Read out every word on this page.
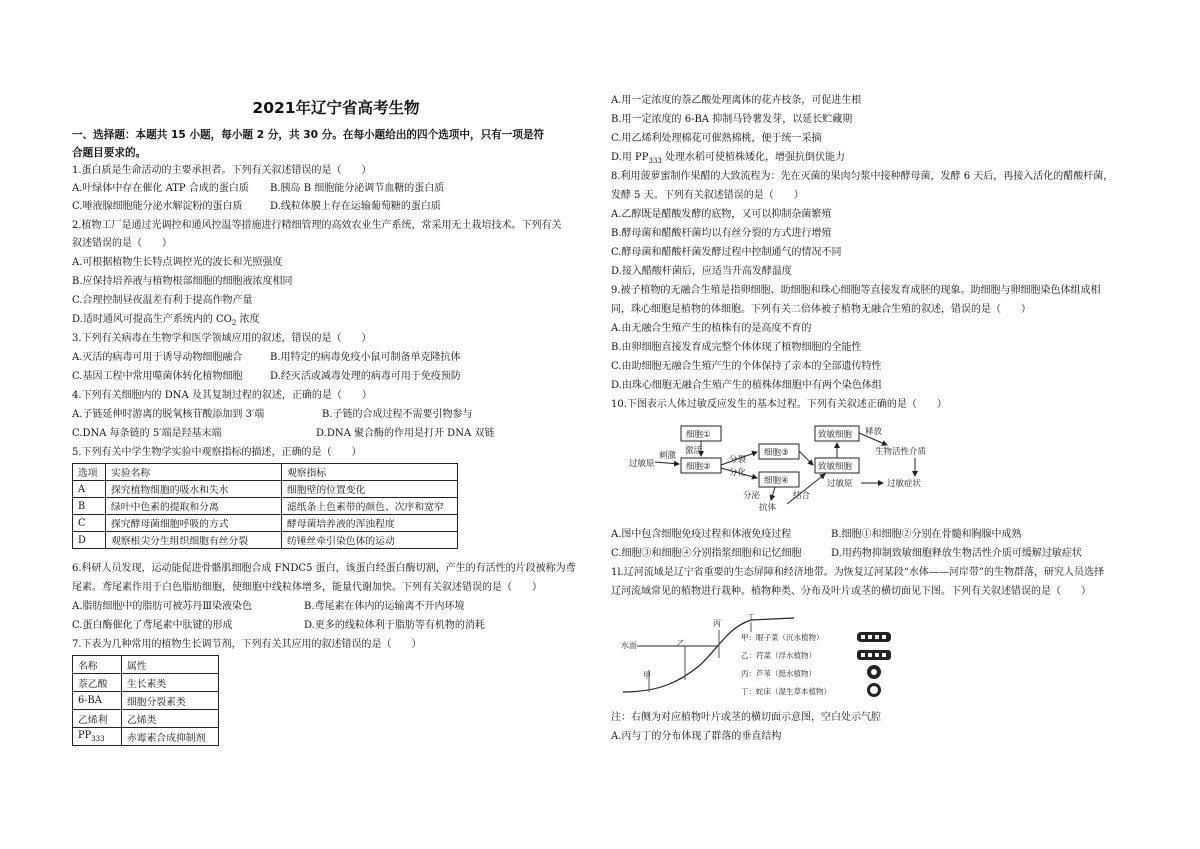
2021年辽宁省高考生物
一、选择题：本题共 15 小题，每小题 2 分，共 30 分。在每小题给出的四个选项中，只有一项是符
合题目要求的。
1.蛋白质是生命活动的主要承担者。下列有关叙述错误的是（　　）
A.叶绿体中存在催化 ATP 合成的蛋白质 B.胰岛 B 细胞能分泌调节血糖的蛋白质
C.唾液腺细胞能分泌水解淀粉的蛋白质	D.线粒体膜上存在运输葡萄糖的蛋白质
2.植物工厂是通过光调控和通风控温等措施进行精细管理的高效农业生产系统，常采用无土栽培技术。下列有关
叙述错误的是（　　）
A.可根据植物生长特点调控光的波长和光照强度
B.应保持培养液与植物根部细胞的细胞液浓度相同
C.合理控制昼夜温差有利于提高作物产量
D.适时通风可提高生产系统内的 $CO_2$ 浓度
3.下列有关病毒在生物学和医学领域应用的叙述，错误的是（　　）
A.灭活的病毒可用于诱导动物细胞融合	B.用特定的病毒免疫小鼠可制备单克隆抗体
C.基因工程中常用噬菌体转化植物细胞	D.经灭活或减毒处理的病毒可用于免疫预防
4.下列有关细胞内的 DNA 及其复制过程的叙述，正确的是（　　）
A.子链延伸时游离的脱氧核苷酸添加到 3′端	B.子链的合成过程不需要引物参与
C.DNA 每条链的 5′端是羟基末端	D.DNA 聚合酶的作用是打开 DNA 双链
5.下列有关中学生物学实验中观察指标的描述，正确的是（　　）
选项	实验名称	观察指标
A	探究植物细胞的吸水和失水	细胞壁的位置变化
B	绿叶中色素的提取和分离	滤纸条上色素带的颜色、次序和宽窄
C	探究酵母菌细胞呼吸的方式	酵母菌培养液的浑浊程度
D	观察根尖分生组织细胞有丝分裂	纺锤丝牵引染色体的运动
6.科研人员发现，运动能促进骨骼肌细胞合成 FNDC5 蛋白，该蛋白经蛋白酶切割，产生的有活性的片段被称为鸢
尾素。鸢尾素作用于白色脂肪细胞，使细胞中线粒体增多，能量代谢加快。下列有关叙述错误的是（　　）
A.脂肪细胞中的脂肪可被苏丹Ⅲ染液染色	B.鸢尾素在体内的运输离不开内环境
C.蛋白酶催化了鸢尾素中肽键的形成	D.更多的线粒体利于脂肪等有机物的消耗
7.下表为几种常用的植物生长调节剂，下列有关其应用的叙述错误的是（　　）
名称	属性
萘乙酸	生长素类
6-BA	细胞分裂素类
乙烯利	乙烯类
$PP_{333}$	赤霉素合成抑制剂
A.用一定浓度的萘乙酸处理离体的花卉枝条，可促进生根
B.用一定浓度的 6-BA 抑制马铃薯发芽，以延长贮藏期
C.用乙烯利处理棉花可催熟棉桃，便于统一采摘
D.用 $PP_{333}$ 处理水稻可使植株矮化，增强抗倒伏能力
8.利用菠萝蜜制作果醋的大致流程为：先在灭菌的果肉匀浆中接种酵母菌，发酵 6 天后，再接入活化的醋酸杆菌，
发酵 5 天。下列有关叙述错误的是（　　）
A.乙醇既是醋酸发酵的底物，又可以抑制杂菌繁殖
B.酵母菌和醋酸杆菌均以有丝分裂的方式进行增殖
C.酵母菌和醋酸杆菌发酵过程中控制通气的情况不同
D.接入醋酸杆菌后，应适当升高发酵温度
9.被子植物的无融合生殖是指卵细胞、助细胞和珠心细胞等直接发育成胚的现象。助细胞与卵细胞染色体组成相
同，珠心细胞是植物的体细胞。下列有关二倍体被子植物无融合生殖的叙述，错误的是（　　）
A.由无融合生殖产生的植株有的是高度不育的
B.由卵细胞直接发育成完整个体体现了植物细胞的全能性
C.由助细胞无融合生殖产生的个体保持了亲本的全部遗传特性
D.由珠心细胞无融合生殖产生的植株体细胞中有两个染色体组
10.下图表示人体过敏反应发生的基本过程。下列有关叙述正确的是（　　）
过敏原
刺激
细胞①
激活
细胞②
分裂
分化
细胞③
细胞④
分泌
抗体
结合
致敏细胞
致敏细胞
释放
生物活性介质
过敏原	过敏症状
A.图中包含细胞免疫过程和体液免疫过程	B.细胞①和细胞②分别在骨髓和胸腺中成熟
C.细胞③和细胞④分别指浆细胞和记忆细胞	D.用药物抑制致敏细胞释放生物活性介质可缓解过敏症状
1l.辽河流域是辽宁省重要的生态屏障和经济地带。为恢复辽河某段“水体——河岸带”的生物群落，研究人员选择
辽河流域常见的植物进行栽种。植物种类、分布及叶片或茎的横切面见下图。下列有关叙述错误的是（　　）
水面
甲
乙
丙
丁
甲：眼子菜（沉水植物）
乙：荇菜（浮水植物）
丙：芦苇（挺水植物）
丁：蛇床（湿生草本植物）
注：右侧为对应植物叶片或茎的横切面示意图，空白处示气腔
A.丙与丁的分布体现了群落的垂直结构
